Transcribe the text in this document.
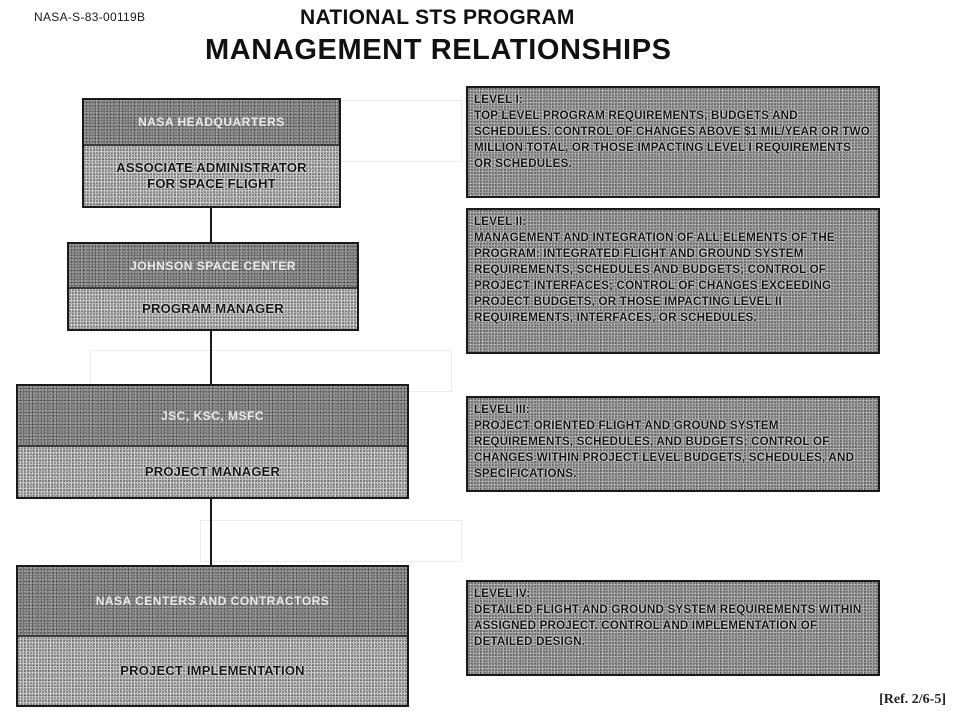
NASA-S-83-00119B	NATIONAL STS PROGRAM
MANAGEMENT RELATIONSHIPS
NASA HEADQUARTERS
ASSOCIATE ADMINISTRATOR
FOR SPACE FLIGHT
JOHNSON SPACE CENTER
PROGRAM MANAGER
JSC, KSC, MSFC
PROJECT MANAGER
NASA CENTERS AND CONTRACTORS
PROJECT IMPLEMENTATION
LEVEL I:
TOP LEVEL PROGRAM REQUIREMENTS, BUDGETS AND SCHEDULES. CONTROL OF CHANGES ABOVE $1 MIL/YEAR OR TWO MILLION TOTAL, OR THOSE IMPACTING LEVEL I REQUIREMENTS OR SCHEDULES.
LEVEL II:
MANAGEMENT AND INTEGRATION OF ALL ELEMENTS OF THE PROGRAM: INTEGRATED FLIGHT AND GROUND SYSTEM REQUIREMENTS, SCHEDULES AND BUDGETS; CONTROL OF PROJECT INTERFACES; CONTROL OF CHANGES EXCEEDING PROJECT BUDGETS, OR THOSE IMPACTING LEVEL II REQUIREMENTS, INTERFACES, OR SCHEDULES.
LEVEL III:
PROJECT ORIENTED FLIGHT AND GROUND SYSTEM REQUIREMENTS, SCHEDULES, AND BUDGETS; CONTROL OF CHANGES WITHIN PROJECT LEVEL BUDGETS, SCHEDULES, AND SPECIFICATIONS.
LEVEL IV:
DETAILED FLIGHT AND GROUND SYSTEM REQUIREMENTS WITHIN ASSIGNED PROJECT. CONTROL AND IMPLEMENTATION OF DETAILED DESIGN.
[Ref. 2/6-5]
